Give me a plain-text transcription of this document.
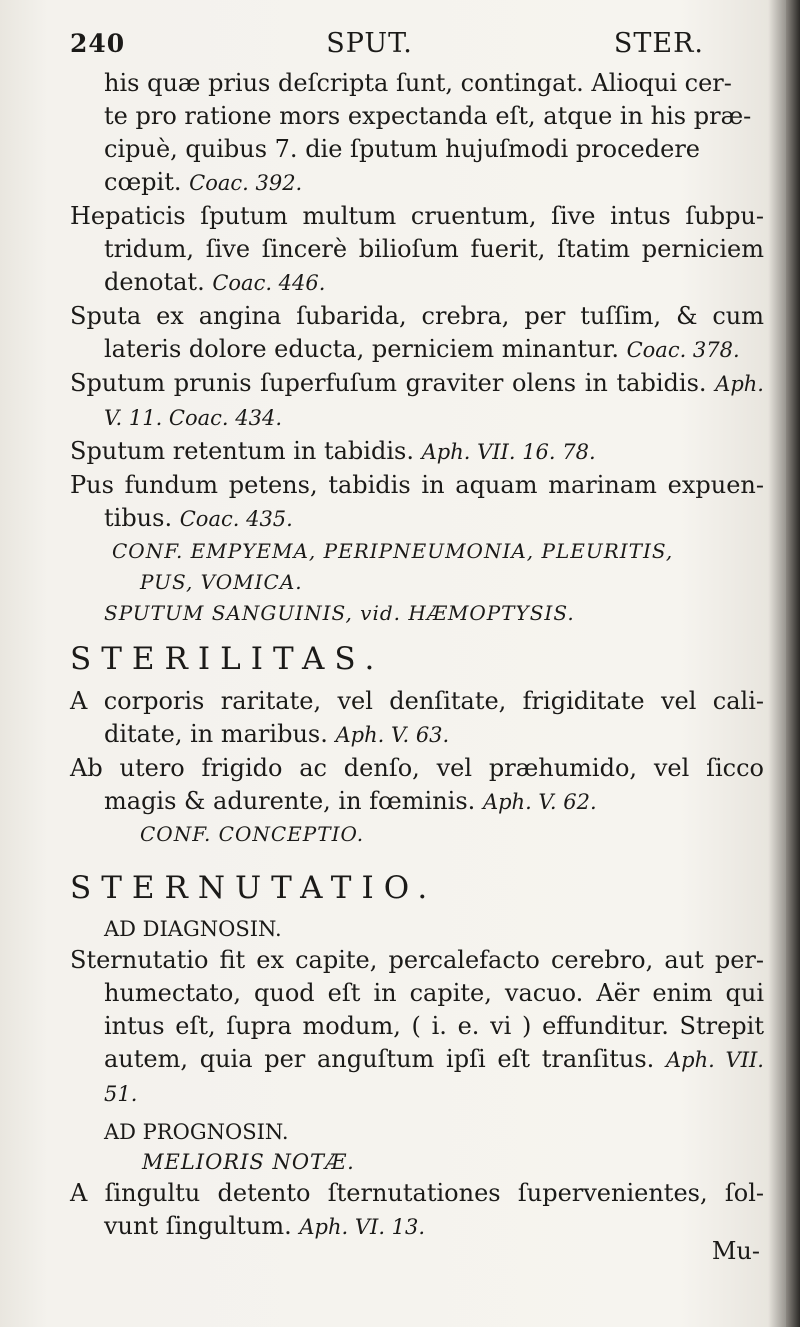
240	SPUT.	STER.

his quæ prius deſcripta ſunt, contingat. Alioqui cer-

te pro ratione mors expectanda eſt, atque in his præ-

cipuè, quibus 7. die ſputum hujuſmodi procedere

cœpit. Coac. 392.

Hepaticis ſputum multum cruentum, ſive intus ſubpu- tridum, ſive ſincerè bilioſum fuerit, ſtatim perniciem denotat. Coac. 446.

Sputa ex angina ſubarida, crebra, per tuſſim, & cum lateris dolore educta, perniciem minantur. Coac. 378.

Sputum prunis ſuperfuſum graviter olens in tabidis. Aph. V. 11. Coac. 434.

Sputum retentum in tabidis. Aph. VII. 16. 78.

Pus fundum petens, tabidis in aquam marinam expuen- tibus. Coac. 435.

CONF. EMPYEMA, PERIPNEUMONIA, PLEURITIS,

PUS, VOMICA.

SPUTUM SANGUINIS, vid. HÆMOPTYSIS.

STERILITAS.

A corporis raritate, vel denſitate, frigiditate vel cali- ditate, in maribus. Aph. V. 63.

Ab utero frigido ac denſo, vel præhumido, vel ſicco magis & adurente, in fœminis. Aph. V. 62.

CONF. CONCEPTIO.

STERNUTATIO.

AD DIAGNOSIN.

Sternutatio fit ex capite, percalefacto cerebro, aut per- humectato, quod eſt in capite, vacuo. Aër enim qui intus eſt, ſupra modum, ( i. e. vi ) effunditur. Strepit autem, quia per anguſtum ipſi eſt tranſitus. Aph. VII. 51.

AD PROGNOSIN.

MELIORIS NOTÆ.

A ſingultu detento ſternutationes ſupervenientes, ſol- vunt ſingultum. Aph. VI. 13.

Mu-
